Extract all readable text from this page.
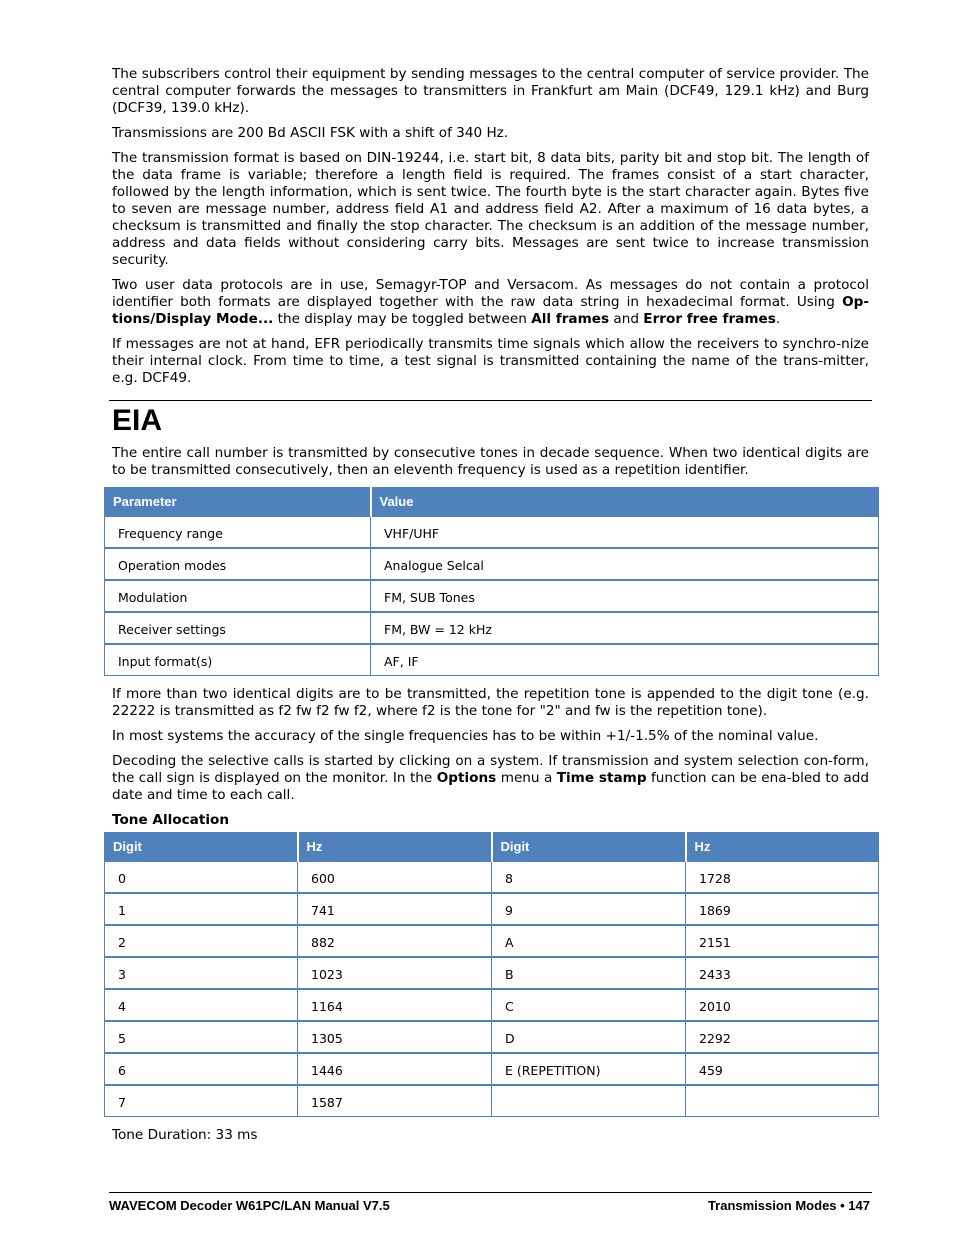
The subscribers control their equipment by sending messages to the central computer of service provider. The central computer forwards the messages to transmitters in Frankfurt am Main (DCF49, 129.1 kHz) and Burg (DCF39, 139.0 kHz).

Transmissions are 200 Bd ASCII FSK with a shift of 340 Hz.

The transmission format is based on DIN-19244, i.e. start bit, 8 data bits, parity bit and stop bit. The length of the data frame is variable; therefore a length field is required. The frames consist of a start character, followed by the length information, which is sent twice. The fourth byte is the start character again. Bytes five to seven are message number, address field A1 and address field A2. After a maximum of 16 data bytes, a checksum is transmitted and finally the stop character. The checksum is an addition of the message number, address and data fields without considering carry bits. Messages are sent twice to increase transmission security.

Two user data protocols are in use, Semagyr-TOP and Versacom. As messages do not contain a protocol identifier both formats are displayed together with the raw data string in hexadecimal format. Using Op-tions/Display Mode... the display may be toggled between All frames and Error free frames.

If messages are not at hand, EFR periodically transmits time signals which allow the receivers to synchro-nize their internal clock. From time to time, a test signal is transmitted containing the name of the trans-mitter, e.g. DCF49.

EIA

The entire call number is transmitted by consecutive tones in decade sequence. When two identical digits are to be transmitted consecutively, then an eleventh frequency is used as a repetition identifier.

Parameter	Value
Frequency range	VHF/UHF
Operation modes	Analogue Selcal
Modulation	FM, SUB Tones
Receiver settings	FM, BW = 12 kHz
Input format(s)	AF, IF

If more than two identical digits are to be transmitted, the repetition tone is appended to the digit tone (e.g. 22222 is transmitted as f2 fw f2 fw f2, where f2 is the tone for "2" and fw is the repetition tone).

In most systems the accuracy of the single frequencies has to be within +1/-1.5% of the nominal value.

Decoding the selective calls is started by clicking on a system. If transmission and system selection con-form, the call sign is displayed on the monitor. In the Options menu a Time stamp function can be ena-bled to add date and time to each call.

Tone Allocation
Digit	Hz	Digit	Hz
0	600	8	1728
1	741	9	1869
2	882	A	2151
3	1023	B	2433
4	1164	C	2010
5	1305	D	2292
6	1446	E (REPETITION)	459
7	1587		

Tone Duration: 33 ms

WAVECOM Decoder W61PC/LAN Manual V7.5	Transmission Modes • 147
